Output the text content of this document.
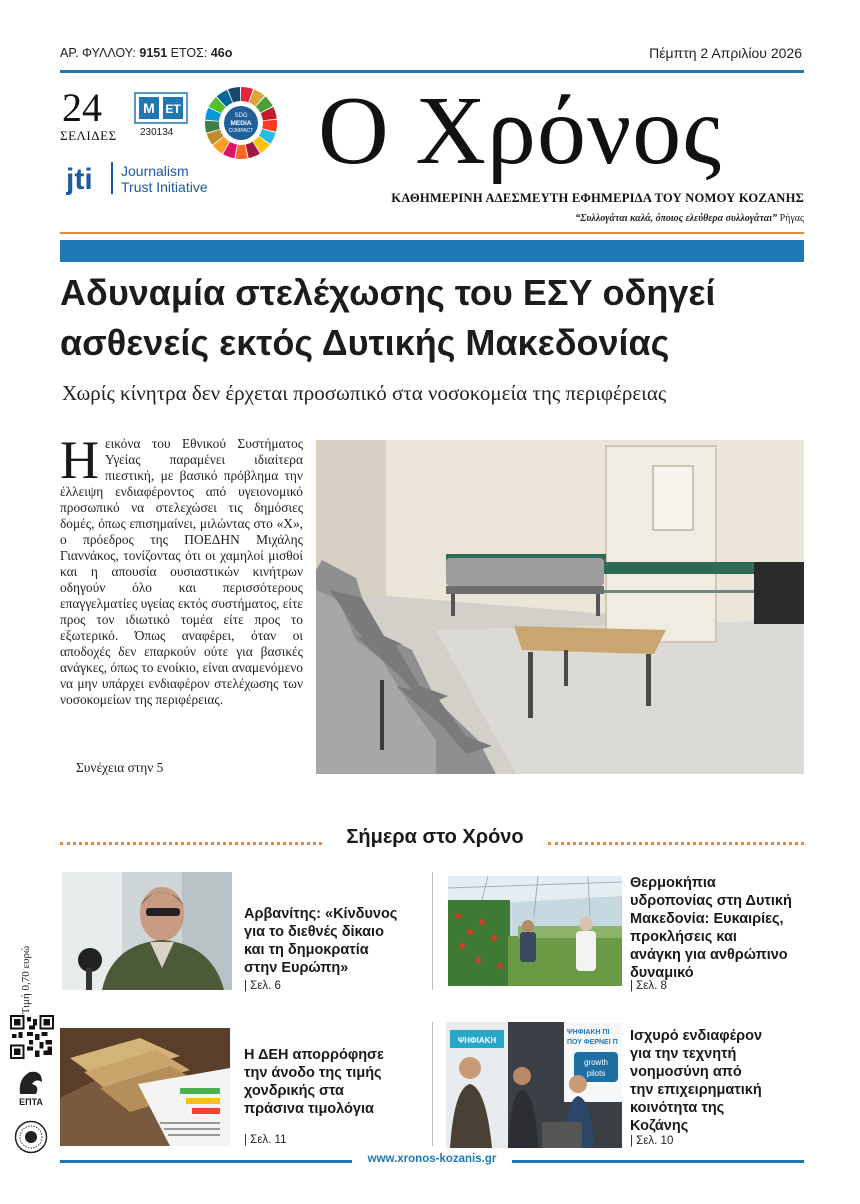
ΑΡ. ΦΥΛΛΟΥ: 9151 ΕΤΟΣ: 46ο	Πέμπτη 2 Απριλίου 2026
24
ΣΕΛΙΔΕΣ
Μ ΕΤ
230134
SDG
MEDIA
COMPACT
jti Journalism
Trust Initiative
Ο Χρόνος
ΚΑΘΗΜΕΡΙΝΗ ΑΔΕΣΜΕΥΤΗ ΕΦΗΜΕΡΙΔΑ ΤΟΥ ΝΟΜΟΥ ΚΟΖΑΝΗΣ
“Συλλογάται καλά, όποιος ελεύθερα συλλογάται” Ρήγας
Αδυναμία στελέχωσης του ΕΣΥ οδηγεί
ασθενείς εκτός Δυτικής Μακεδονίας
Χωρίς κίνητρα δεν έρχεται προσωπικό στα νοσοκομεία της περιφέρειας
Ηεικόνα του Εθνικού Συστήματος Υγείας παραμένει ιδιαίτερα πιεστική, με βασικό πρόβλημα την έλλειψη ενδιαφέροντος από υγειονομικό προσωπικό να στελεχώσει τις δημόσιες δομές, όπως επισημαίνει, μιλώντας στο «Χ», ο πρόεδρος της ΠΟΕΔΗΝ Μιχάλης Γιαννάκος, τονίζοντας ότι οι χαμηλοί μισθοί και η απουσία ουσιαστικών κινήτρων οδηγούν όλο και περισσότερους επαγγελματίες υγείας εκτός συστήματος, είτε προς τον ιδιωτικό τομέα είτε προς το εξωτερικό. Όπως αναφέρει, όταν οι αποδοχές δεν επαρκούν ούτε για βασικές ανάγκες, όπως το ενοίκιο, είναι αναμενόμενο να μην υπάρχει ενδιαφέρον στελέχωσης των νοσοκομείων της περιφέρειας.
Συνέχεια στην 5
Σήμερα στο Χρόνο
Αρβανίτης: «Κίνδυνος
για το διεθνές δίκαιο
και τη δημοκρατία
στην Ευρώπη»
| Σελ. 6
Θερμοκήπια
υδροπονίας στη Δυτική
Μακεδονία: Ευκαιρίες,
προκλήσεις και
ανάγκη για ανθρώπινο
δυναμικό
| Σελ. 8
Η ΔΕΗ απορρόφησε
την άνοδο της τιμής
χονδρικής στα
πράσινα τιμολόγια
| Σελ. 11
ΨΗΦΙΑΚΗ
ΨΗΦΙΑΚΗ ΠΙ
ΠΟΥ ΦΕΡΝΕΙ Π
growth
pilots
Ισχυρό ενδιαφέρον
για την τεχνητή
νοημοσύνη από
την επιχειρηματική
κοινότητα της
Κοζάνης
| Σελ. 10
Τιμή 0,70 ευρώ
ΕΠΤΑ
www.xronos-kozanis.gr
